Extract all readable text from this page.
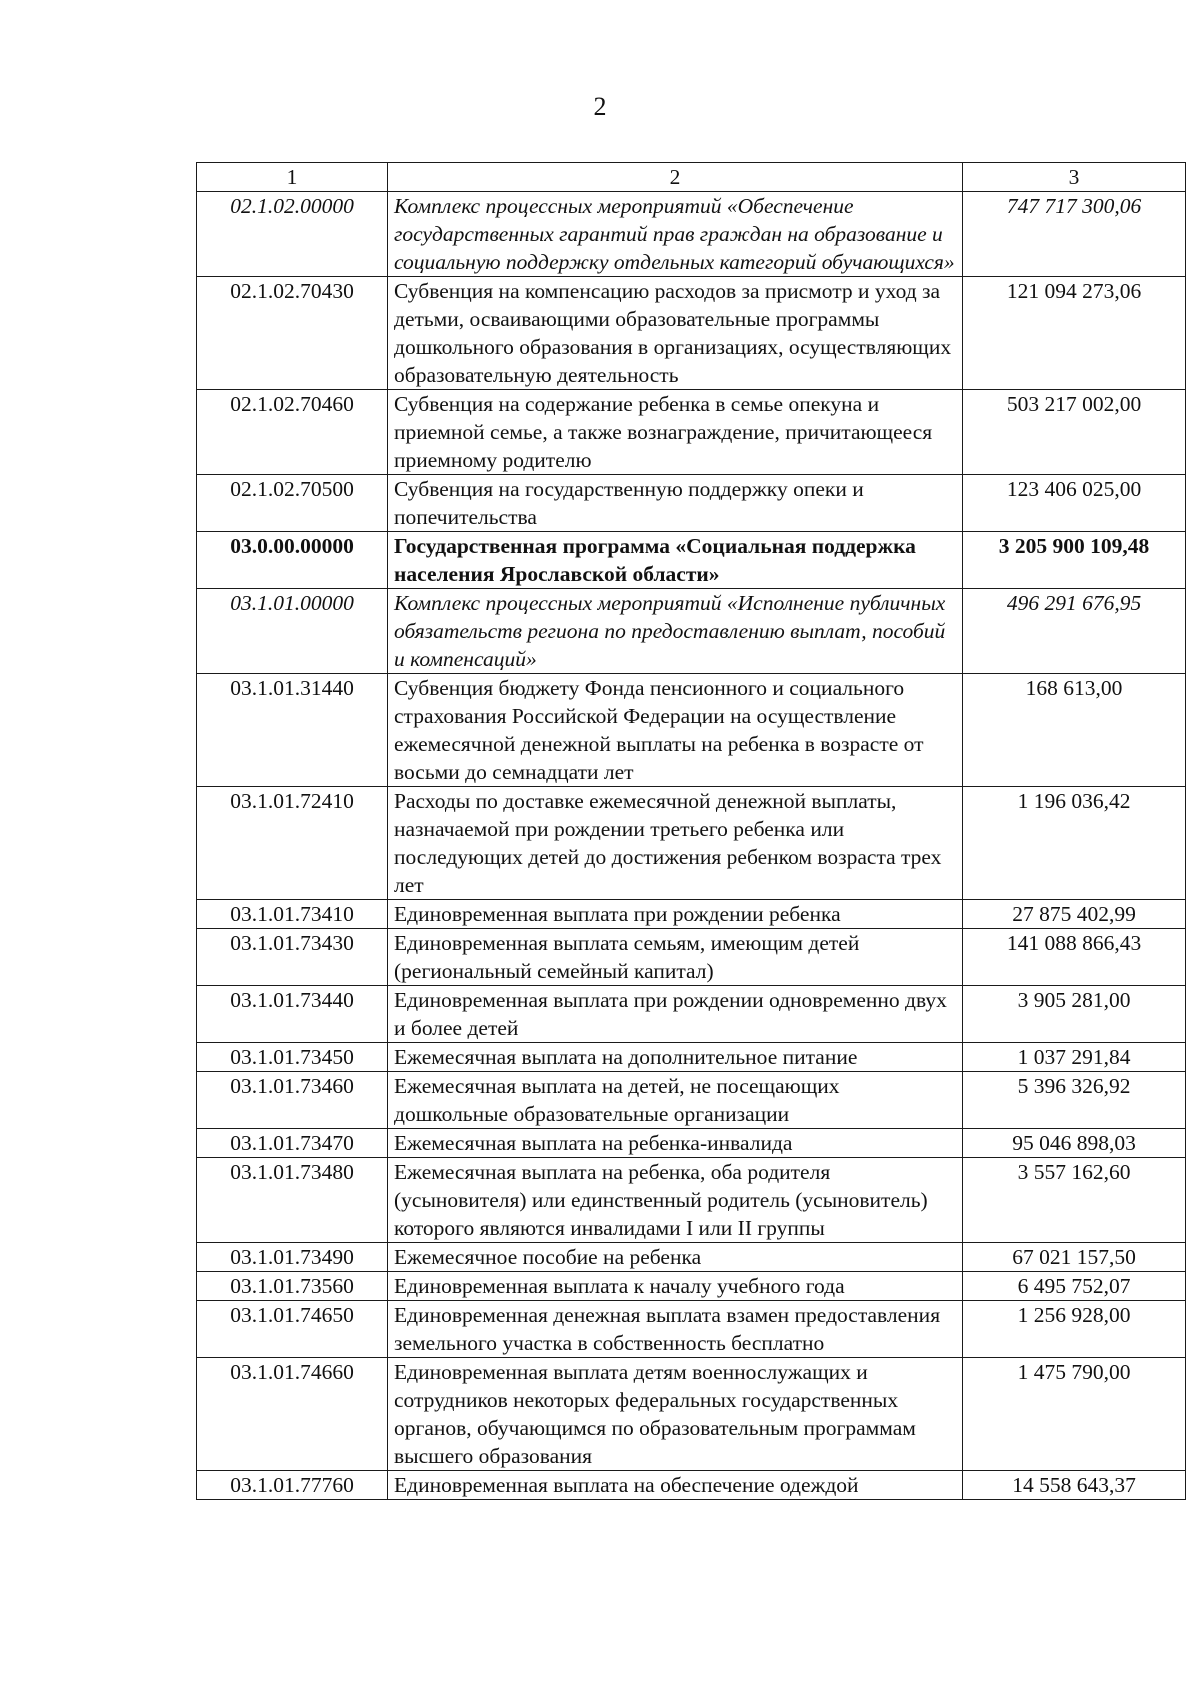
2
1	2	3
02.1.02.00000	Комплекс процессных мероприятий «Обеспечение государственных гарантий прав граждан на образование и социальную поддержку отдельных категорий обучающихся»	747 717 300,06
02.1.02.70430	Субвенция на компенсацию расходов за присмотр и уход за детьми, осваивающими образовательные программы дошкольного образования в организациях, осуществляющих образовательную деятельность	121 094 273,06
02.1.02.70460	Субвенция на содержание ребенка в семье опекуна и приемной семье, а также вознаграждение, причитающееся приемному родителю	503 217 002,00
02.1.02.70500	Субвенция на государственную поддержку опеки и попечительства	123 406 025,00
03.0.00.00000	Государственная программа «Социальная поддержка населения Ярославской области»	3 205 900 109,48
03.1.01.00000	Комплекс процессных мероприятий «Исполнение публичных обязательств региона по предоставлению выплат, пособий и компенсаций»	496 291 676,95
03.1.01.31440	Субвенция бюджету Фонда пенсионного и социального страхования Российской Федерации на осуществление ежемесячной денежной выплаты на ребенка в возрасте от восьми до семнадцати лет	168 613,00
03.1.01.72410	Расходы по доставке ежемесячной денежной выплаты, назначаемой при рождении третьего ребенка или последующих детей до достижения ребенком возраста трех лет	1 196 036,42
03.1.01.73410	Единовременная выплата при рождении ребенка	27 875 402,99
03.1.01.73430	Единовременная выплата семьям, имеющим детей (региональный семейный капитал)	141 088 866,43
03.1.01.73440	Единовременная выплата при рождении одновременно двух и более детей	3 905 281,00
03.1.01.73450	Ежемесячная выплата на дополнительное питание	1 037 291,84
03.1.01.73460	Ежемесячная выплата на детей, не посещающих дошкольные образовательные организации	5 396 326,92
03.1.01.73470	Ежемесячная выплата на ребенка-инвалида	95 046 898,03
03.1.01.73480	Ежемесячная выплата на ребенка, оба родителя (усыновителя) или единственный родитель (усыновитель) которого являются инвалидами I или II группы	3 557 162,60
03.1.01.73490	Ежемесячное пособие на ребенка	67 021 157,50
03.1.01.73560	Единовременная выплата к началу учебного года	6 495 752,07
03.1.01.74650	Единовременная денежная выплата взамен предоставления земельного участка в собственность бесплатно	1 256 928,00
03.1.01.74660	Единовременная выплата детям военнослужащих и сотрудников некоторых федеральных государственных органов, обучающимся по образовательным программам высшего образования	1 475 790,00
03.1.01.77760	Единовременная выплата на обеспечение одеждой	14 558 643,37
